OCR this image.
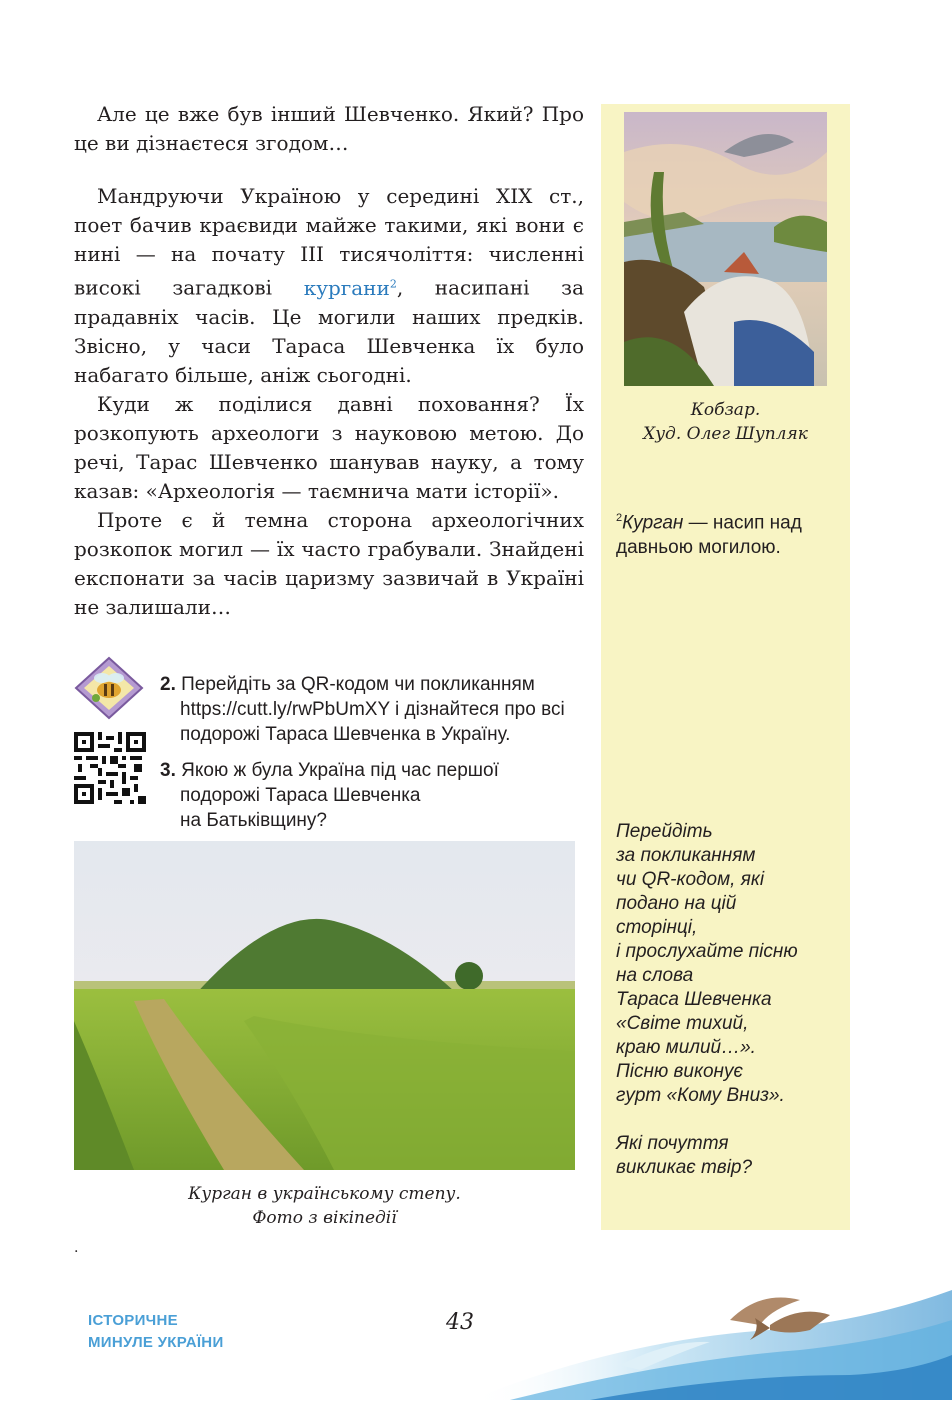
Але це вже був інший Шевченко. Який? Про це ви дізнаєтеся згодом…

Мандруючи Україною у середині XIX ст., поет бачив краєвиди майже такими, які вони є нині — на почату III тисячоліття: численні високі загадкові кургани$^2$, насипані за прадавніх часів. Це могили наших предків. Звісно, у часи Тараса Шевченка їх було набагато більше, аніж сьогодні.

Куди ж поділися давні поховання? Їх розкопують археологи з науковою метою. До речі, Тарас Шевченко шанував науку, а тому казав: «Археологія — таємнича мати історії».

Проте є й темна сторона археологічних розкопок могил — їх часто грабували. Знайдені експонати за часів царизму зазвичай в Україні не залишали…

Кобзар.
Худ. Олег Шупляк
$^2$Курган — насип над давньою могилою.
Перейдіть
за покликанням
чи QR-кодом, які
подано на цій
сторінці,
і прослухайте пісню
на слова
Тараса Шевченка
«Світе тихий,
краю милий…».
Пісню виконує
гурт «Кому Вниз».
Які почуття
викликає твір?
2. Перейдіть за QR-кодом чи покликанням
https://cutt.ly/rwPbUmXY і дізнайтеся про всі
подорожі Тараса Шевченка в Україну.
3. Якою ж була Україна під час першої
подорожі Тараса Шевченка
на Батьківщину?
Курган в українському степу.
Фото з вікіпедії
.
ІСТОРИЧНЕ
МИНУЛЕ УКРАЇНИ
43
